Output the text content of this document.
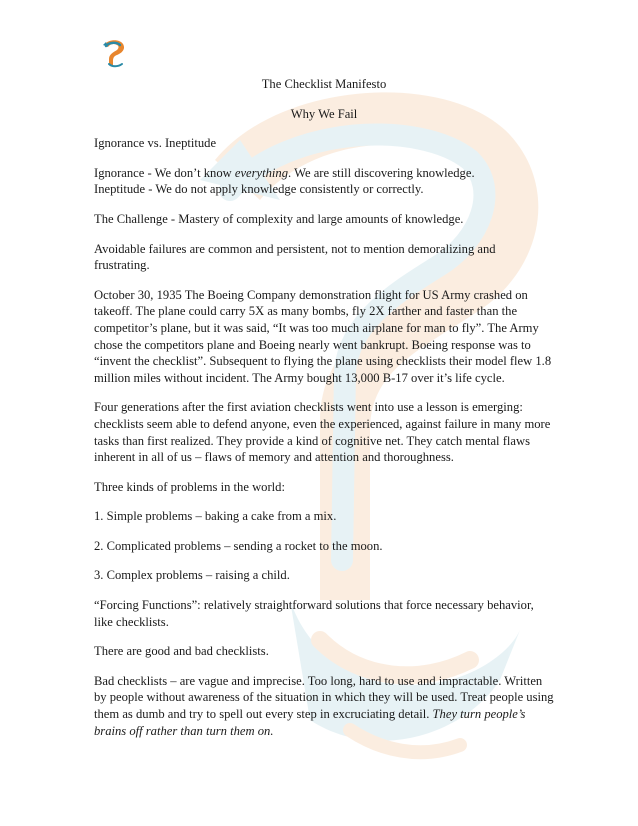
The Checklist Manifesto

Why We Fail

Ignorance vs. Ineptitude

Ignorance - We don’t know everything. We are still discovering knowledge.
Ineptitude - We do not apply knowledge consistently or correctly.

The Challenge - Mastery of complexity and large amounts of knowledge.

Avoidable failures are common and persistent, not to mention demoralizing and frustrating.

October 30, 1935 The Boeing Company demonstration flight for US Army crashed on takeoff. The plane could carry 5X as many bombs, fly 2X farther and faster than the competitor’s plane, but it was said, “It was too much airplane for man to fly”. The Army chose the competitors plane and Boeing nearly went bankrupt. Boeing response was to “invent the checklist”. Subsequent to flying the plane using checklists their model flew 1.8 million miles without incident. The Army bought 13,000 B-17 over it’s life cycle.

Four generations after the first aviation checklists went into use a lesson is emerging: checklists seem able to defend anyone, even the experienced, against failure in many more tasks than first realized. They provide a kind of cognitive net. They catch mental flaws inherent in all of us – flaws of memory and attention and thoroughness.

Three kinds of problems in the world:

1. Simple problems – baking a cake from a mix.

2. Complicated problems – sending a rocket to the moon.

3. Complex problems – raising a child.

“Forcing Functions”: relatively straightforward solutions that force necessary behavior, like checklists.

There are good and bad checklists.

Bad checklists – are vague and imprecise. Too long, hard to use and impractable. Written by people without awareness of the situation in which they will be used. Treat people using them as dumb and try to spell out every step in excruciating detail. They turn people’s brains off rather than turn them on.
